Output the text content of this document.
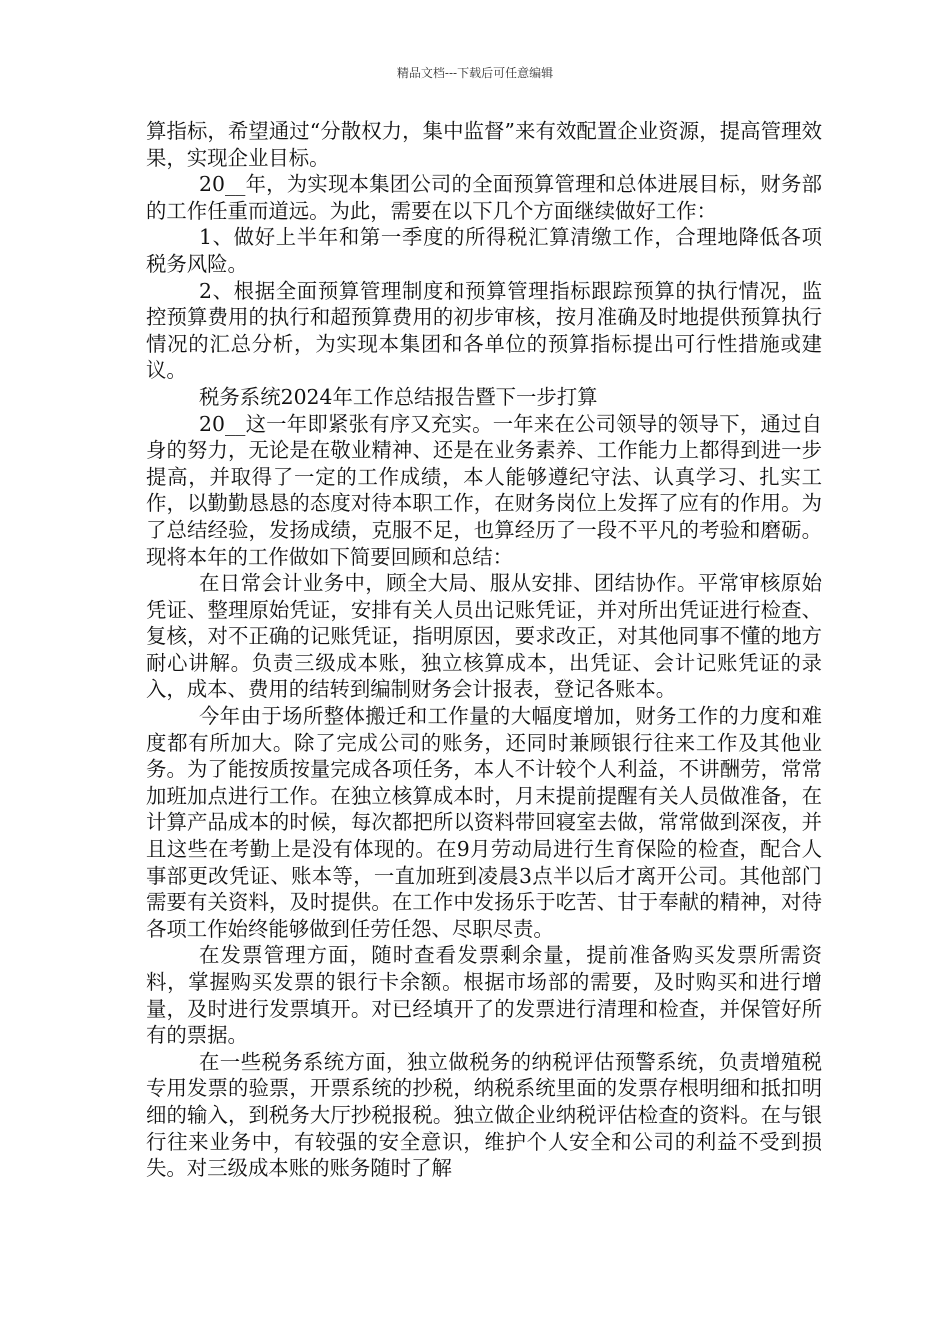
精品文档---下载后可任意编辑

算指标，希望通过“分散权力，集中监督”来有效配置企业资源，提高管理效果，实现企业目标。

20__年，为实现本集团公司的全面预算管理和总体进展目标，财务部的工作任重而道远。为此，需要在以下几个方面继续做好工作：

1、做好上半年和第一季度的所得税汇算清缴工作，合理地降低各项税务风险。

2、根据全面预算管理制度和预算管理指标跟踪预算的执行情况，监控预算费用的执行和超预算费用的初步审核，按月准确及时地提供预算执行情况的汇总分析，为实现本集团和各单位的预算指标提出可行性措施或建议。

税务系统2024年工作总结报告暨下一步打算

20__这一年即紧张有序又充实。一年来在公司领导的领导下，通过自身的努力，无论是在敬业精神、还是在业务素养、工作能力上都得到进一步提高，并取得了一定的工作成绩，本人能够遵纪守法、认真学习、扎实工作，以勤勤恳恳的态度对待本职工作，在财务岗位上发挥了应有的作用。为了总结经验，发扬成绩，克服不足，也算经历了一段不平凡的考验和磨砺。现将本年的工作做如下简要回顾和总结：

在日常会计业务中，顾全大局、服从安排、团结协作。平常审核原始凭证、整理原始凭证，安排有关人员出记账凭证，并对所出凭证进行检查、复核，对不正确的记账凭证，指明原因，要求改正，对其他同事不懂的地方耐心讲解。负责三级成本账，独立核算成本，出凭证、会计记账凭证的录入，成本、费用的结转到编制财务会计报表，登记各账本。

今年由于场所整体搬迁和工作量的大幅度增加，财务工作的力度和难度都有所加大。除了完成公司的账务，还同时兼顾银行往来工作及其他业务。为了能按质按量完成各项任务，本人不计较个人利益，不讲酬劳，常常加班加点进行工作。在独立核算成本时，月末提前提醒有关人员做准备，在计算产品成本的时候，每次都把所以资料带回寝室去做，常常做到深夜，并且这些在考勤上是没有体现的。在9月劳动局进行生育保险的检查，配合人事部更改凭证、账本等，一直加班到凌晨3点半以后才离开公司。其他部门需要有关资料，及时提供。在工作中发扬乐于吃苦、甘于奉献的精神，对待各项工作始终能够做到任劳任怨、尽职尽责。

在发票管理方面，随时查看发票剩余量，提前准备购买发票所需资料，掌握购买发票的银行卡余额。根据市场部的需要，及时购买和进行增量，及时进行发票填开。对已经填开了的发票进行清理和检查，并保管好所有的票据。

在一些税务系统方面，独立做税务的纳税评估预警系统，负责增殖税专用发票的验票，开票系统的抄税，纳税系统里面的发票存根明细和抵扣明细的输入，到税务大厅抄税报税。独立做企业纳税评估检查的资料。在与银行往来业务中，有较强的安全意识，维护个人安全和公司的利益不受到损失。对三级成本账的账务随时了解
